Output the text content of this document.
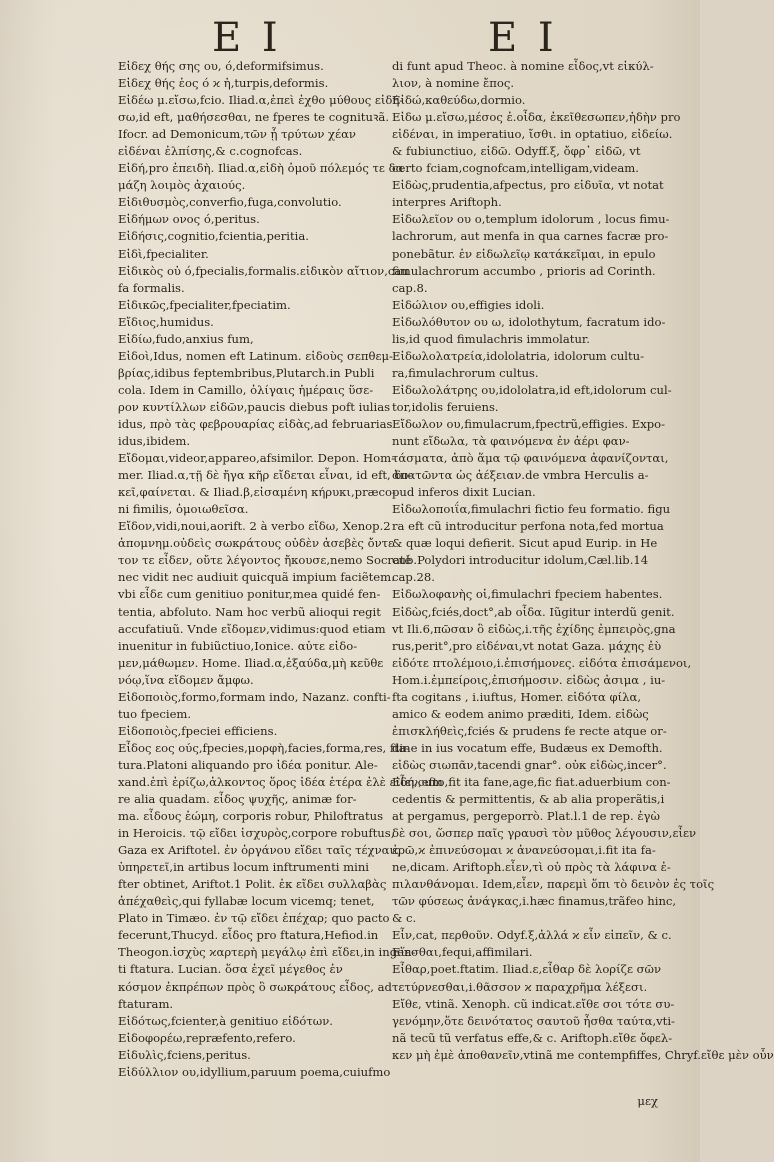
E I	E I
Εἰδεχ θής σης ου, ό,deformifsimus.
Εἰδεχ θής ἑος ό ϰ ἡ,turpis,deformis.
Εἰδέω μ.εἴσω,fcio. Iliad.α,ἐπεὶ ἐχθο μύθους εἰδή-
σω,id eft, μαθήσεσθαι, ne fperes te cognituꝛã.
Ifocr. ad Demonicum,τῶν ᾗ τρύτων χέαν
εἰδέναι ἐλπίσης,& c.cognofcas.
Εἰδή,pro ἐπειδὴ. Iliad.α,εἰδὴ ὁμοῦ πόλεμός τε δα
μάζη λοιμὸς ἀχαιούς.
Εἰδιθυσμὸς,converfio,fuga,convolutio.
Εἰδήμων ονος ό,peritus.
Εἰδήσις,cognitio,fcientia,peritia.
Εἰδὶ,fpecialiter.
Εἰδικὸς οὐ ό,fpecialis,formalis.εἰδικὸν αἴτιον,cau
fa formalis.
Εἰδικῶς,fpecialiter,fpeciatim.
Εἴδιος,humidus.
Εἰδίω,fudo,anxius fum,
Εἰδοὶ,Idus, nomen eft Latinum. εἰδοὺς σεπθεμ-
βρίας,idibus feptembribus,Plutarch.in Publi
cola. Idem in Camillo, ὀλίγαις ἡμέραις ὕσε-
ρον κυντίλλων εἰδῶν,paucis diebus poft iulias
idus, πρὸ τὰς φεβρουαρίας εἰδὰς,ad februarias
idus,ibidem.
Εἴδομαι,videor,appareo,afsimilor. Depon. Hom-
mer. Iliad.α,τῇ δὲ ἤγα κῆρ εἴδεται εἶναι, id eft, δο-
κεῖ,φαίνεται. & Iliad.β,εἰσαμένη κήρυκι,præco-
ni fimilis, ὁμοιωθεῖσα.
Εἴδον,vidi,noui,aorift. 2 à verbo εἴδω, Xenop.2
ἀπομνημ.οὐδεὶς σωκράτους οὐδὲν ἀσεβὲς ὄντε
τον τε εἶδεν, οὔτε λέγοντος ἤκουσε,nemo Socraté
nec vidit nec audiuit quicquã impium faciẽtem.
vbi εἶδε cum genitiuo ponitur,mea quidé fen-
tentia, abfoluto. Nam hoc verbũ alioqui regit
accufatiuũ. Vnde εἴδομεν,vidimus:quod etiam
inuenitur in fubiũctiuo,Ionice. αὐτε εἰδο-
μεν,μάθωμεν. Home. Iliad.α,ἐξαύδα,μὴ κεῦθε
νόῳ,ἵνα εἴδομεν ἄμφω.
Εἰδοποιὸς,formo,formam indo, Nazanz. confti-
tuo fpeciem.
Εἰδοποιὸς,fpeciei efficiens.
Εἶδος εος ούς,fpecies,μορφὴ,facies,forma,res, fta-
tura.Platoni aliquando pro ἰδέα ponitur. Ale-
xand.ἐπὶ ἐρίζω,ἀλκοντος ὅρος ἰδέα ἑτέρα ἐλὲ εἰδή,cum
re alia quadam. εἶδος ψυχῆς, animæ for-
ma. εἶδους ἑώμη, corporis robur, Philoftratus
in Heroicis. τῷ εἴδει ἰσχυρὸς,corpore robuftus,
Gaza ex Ariftotel. ἐν ὀργάνου εἴδει ταῖς τέχναις
ὑπηρετεῖ,in artibus locum inftrumenti mini
fter obtinet, Ariftot.1 Polit. ἐκ εἴδει συλλαβὰς
ἀπέχαθεὶς,qui fyllabæ locum vicemq; tenet,
Plato in Timæo. ἐν τῷ εἴδει ἐπέχαρ; quo pacto
fecerunt,Thucyd. εἶδος pro ftatura,Hefiod.in
Theogon.ἰσχὺς ϰαρτερὴ μεγάλῳ ἐπὶ εἴδει,in ingen-
ti ftatura. Lucian. ὅσα ἐχεῖ μέγεθος ἐν
κόσμον ἐκπρέπων πρὸς ὃ σωκράτους εἶδος, ad
ftaturam.
Εἰδότως,fcienter,à genitiuo εἰδότων.
Εἰδοφορέω,repræfento,refero.
Εἰδυλὶς,fciens,peritus.
Εἰδύλλιον ου,idyllium,paruum poema,cuiufmo
di funt apud Theoc. à nomine εἶδος,vt εἰκύλ-
λιον, à nomine ἔπος.
Εἰδώ,καθεύδω,dormio.
Εἰδω μ.εἴσω,μέσος ἐ.οἶδα, ἐκεῖθεσωπεν,ἡδὴν pro
εἰδέναι, in imperatiuo, ἴσθι. in optatiuo, εἰδείω.
& fubiunctiuo, εἰδῶ. Odyff.ξ, ὄφρ᾽ εἰδῶ, vt
certo fciam,cognofcam,intelligam,videam.
Εἰδὼς,prudentia,afpectus, pro εἰδυῖα, vt notat
interpres Ariftoph.
Εἰδωλεῖον ου ο,templum idolorum , locus fimu-
lachrorum, aut menfa in qua carnes facræ pro-
ponebãtur. ἐν εἰδωλεῖῳ κατάκεῖμαι, in epulo
fimulachrorum accumbo , prioris ad Corinth.
cap.8.
Εἰδώλιον ου,effigies idoli.
Εἰδωλόθυτον ου ω, idolothytum, facratum ido-
lis,id quod fimulachris immolatur.
Εἰδωλολατρεία,idololatria, idolorum cultu-
ra,fimulachrorum cultus.
Εἰδωλολάτρης ου,idololatra,id eft,idolorum cul-
tor,idolis feruiens.
Εἴδωλον ου,fimulacrum,fpectrũ,effigies. Expo-
nunt εἴδωλα, τὰ φαινόμενα ἐν ἀέρι φαν-
τάσματα, ἀπὸ ἅμα τῷ φαινόμενα ἀφανίζονται,
ἀπατῶντα ὡς ἀέξειαν.de vmbra Herculis a-
pud inferos dixit Lucian.
Εἰδωλοποιΐα,fimulachri fictio feu formatio. figu
ra eft cũ introducitur perfona nota,fed mortua
& quæ loqui defierit. Sicut apud Eurip. in He
cub.Polydori introducitur idolum,Cæl.lib.14
cap.28.
Εἰδωλοφανὴς οἱ,fimulachri fpeciem habentes.
Εἰδὼς,fciés,doct°,ab οἶδα. Iũgitur interdũ genit.
vt Ili.6,πῶσαν ὃ εἰδὼς,i.τῆς ἐχίδης ἐμπειρὸς,gna
rus,perit°,pro εἰδέναι,vt notat Gaza. μάχης ἐὺ
εἰδότε πτολέμοιο,i.ἐπισήμονες. εἰδότα ἐπισάμενοι,
Hom.i.ἐμπείροις,ἐπισήμοσιν. εἰδὼς ἀσιμα , iu-
fta cogitans , i.iuftus, Homer. εἰδότα φίλα,
amico & eodem animo præditi, Idem. εἰδὼς
ἐπισκλήθεὶς,fciés & prudens fe recte atque or-
dine in ius vocatum effe, Budæus ex Demofth.
εἰδὼς σιωπᾶν,tacendi gnar°. οὐκ εἰδὼς,incer°.
Εἶεν,efto,fit ita fane,age,fic fiat.aduerbium con-
cedentis & permittentis, & ab alia properãtis,i
at pergamus, pergeporrò. Plat.l.1 de rep. ἐγὼ
δὲ σοι, ὥσπερ παῖς γραυσὶ τὸν μῦθος λέγουσιν,εἶεν
ἐρῶ,ϰ ἐπινεύσομαι ϰ ἀνανεύσομαι,i.fit ita fa-
ne,dicam. Ariftoph.εἶεν,τὶ οὐ πρὸς τὰ λάφινα ἐ-
πιλανθάνομαι. Idem,εἶεν, παρεμὶ ὅπι τὸ δεινὸν ἐς τοῖς
τῶν φύσεως ἀνάγκας,i.hæc finamus,trãfeo hinc,
& c.
Εἶν,cat, περθοῦν. Odyf.ξ,ἀλλά ϰ εἶν εἰπεῖν, & c.
Εἵεσθαι,fequi,affimilari.
Εἶθαρ,poet.ftatim. Iliad.ε,εἶθαρ δὲ λορίζε σῶν
τετύρνεσθαι,i.θᾶσσον ϰ παραχρῆμα λέξεσι.
Εἴθε, vtinã. Xenoph. cũ indicat.εἴθε σοι τότε συ-
γενόμην,ὅτε δεινότατος σαυτοῦ ἦσθα ταύτα,vti-
nã tecũ tũ verfatus effe,& c. Ariftoph.εἴθε ὄφελ-
κεν μὴ ἐμὲ ἀποθανεῖν,vtinã me contempfiffes, Chryf.εἴθε μὲν οὖν
μεχ
